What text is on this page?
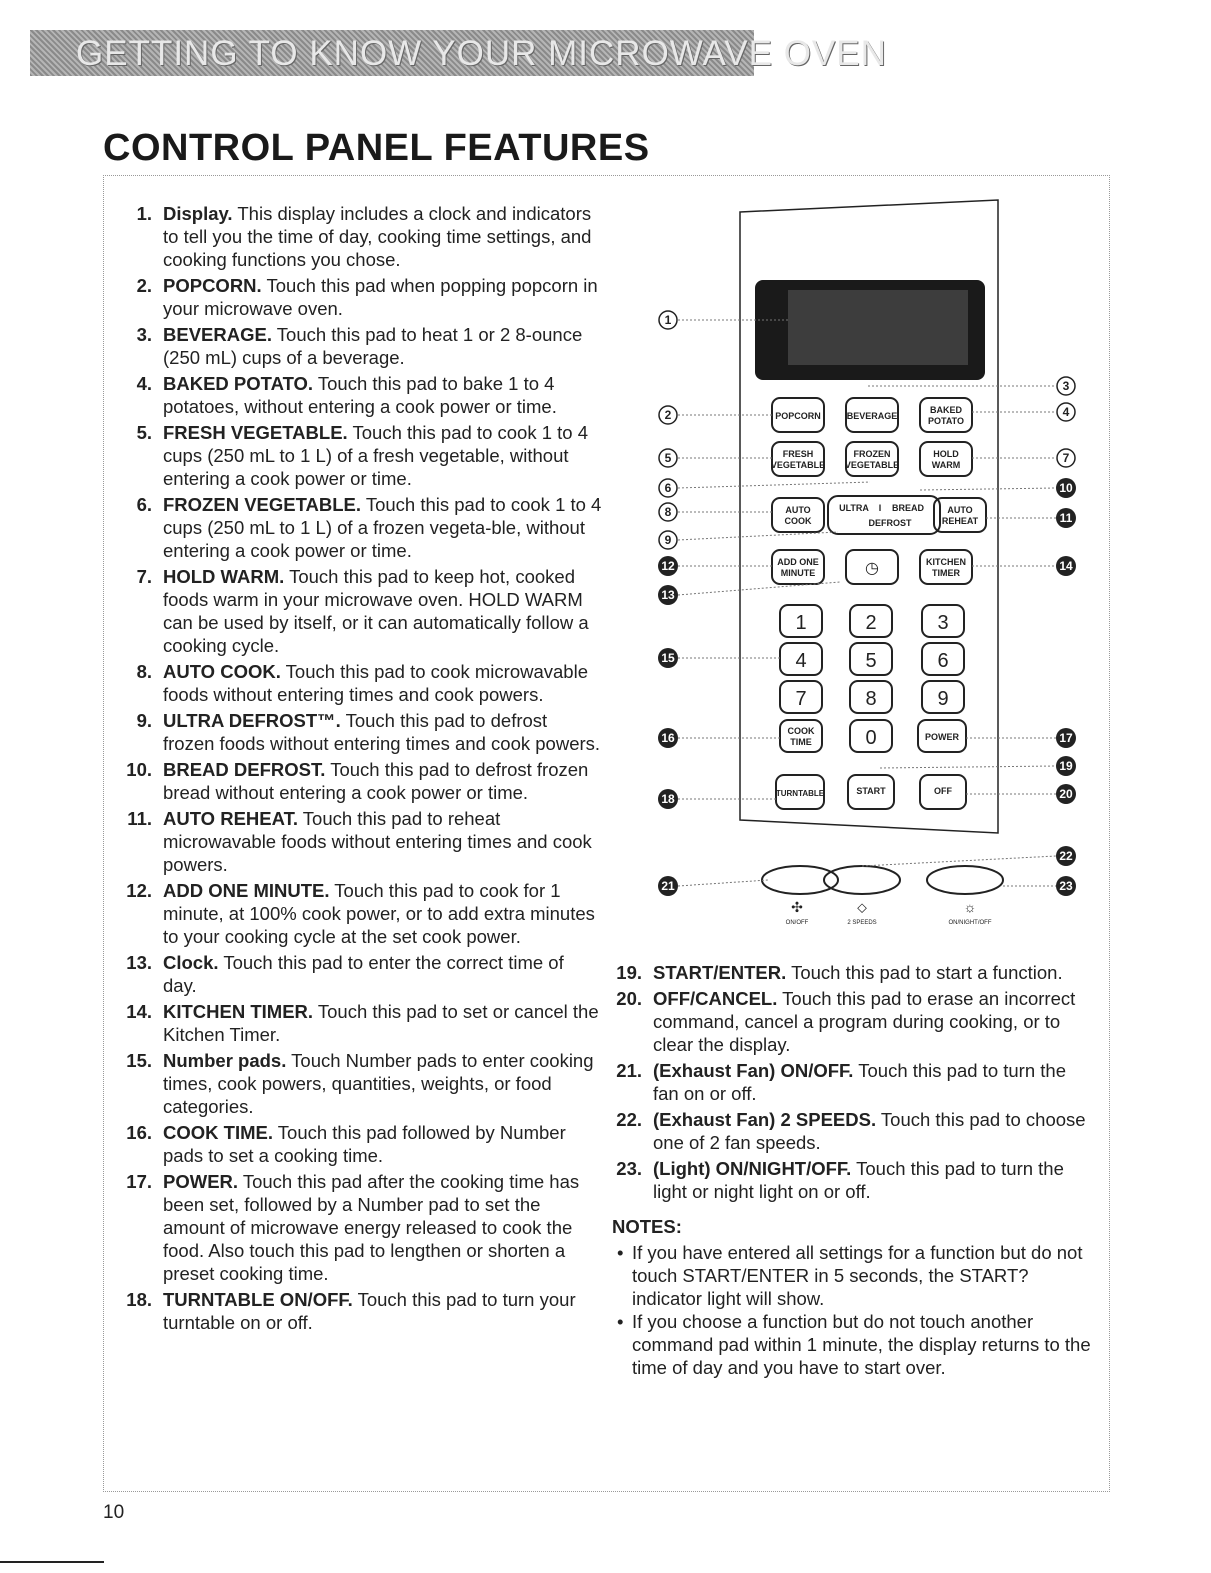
GETTING TO KNOW YOUR MICROWAVE OVEN
CONTROL PANEL FEATURES
1. Display. This display includes a clock and indicators to tell you the time of day, cooking time settings, and cooking functions you chose.
2. POPCORN. Touch this pad when popping popcorn in your microwave oven.
3. BEVERAGE. Touch this pad to heat 1 or 2 8-ounce (250 mL) cups of a beverage.
4. BAKED POTATO. Touch this pad to bake 1 to 4 potatoes, without entering a cook power or time.
5. FRESH VEGETABLE. Touch this pad to cook 1 to 4 cups (250 mL to 1 L) of a fresh vegetable, without entering a cook power or time.
6. FROZEN VEGETABLE. Touch this pad to cook 1 to 4 cups (250 mL to 1 L) of a frozen vegeta-ble, without entering a cook power or time.
7. HOLD WARM. Touch this pad to keep hot, cooked foods warm in your microwave oven. HOLD WARM can be used by itself, or it can automatically follow a cooking cycle.
8. AUTO COOK. Touch this pad to cook microwavable foods without entering times and cook powers.
9. ULTRA DEFROST™. Touch this pad to defrost frozen foods without entering times and cook powers.
10. BREAD DEFROST. Touch this pad to defrost frozen bread without entering a cook power or time.
11. AUTO REHEAT. Touch this pad to reheat microwavable foods without entering times and cook powers.
12. ADD ONE MINUTE. Touch this pad to cook for 1 minute, at 100% cook power, or to add extra minutes to your cooking cycle at the set cook power.
13. Clock. Touch this pad to enter the correct time of day.
14. KITCHEN TIMER. Touch this pad to set or cancel the Kitchen Timer.
15. Number pads. Touch Number pads to enter cooking times, cook powers, quantities, weights, or food categories.
16. COOK TIME. Touch this pad followed by Number pads to set a cooking time.
17. POWER. Touch this pad after the cooking time has been set, followed by a Number pad to set the amount of microwave energy released to cook the food. Also touch this pad to lengthen or shorten a preset cooking time.
18. TURNTABLE ON/OFF. Touch this pad to turn your turntable on or off.
19. START/ENTER. Touch this pad to start a function.
20. OFF/CANCEL. Touch this pad to erase an incorrect command, cancel a program during cooking, or to clear the display.
21. (Exhaust Fan) ON/OFF. Touch this pad to turn the fan on or off.
22. (Exhaust Fan) 2 SPEEDS. Touch this pad to choose one of 2 fan speeds.
23. (Light) ON/NIGHT/OFF. Touch this pad to turn the light or night light on or off.
NOTES:
• If you have entered all settings for a function but do not touch START/ENTER in 5 seconds, the START? indicator light will show.
• If you choose a function but do not touch another command pad within 1 minute, the display returns to the time of day and you have to start over.
POPCORN	BEVERAGE
BAKED
POTATO
FRESH
VEGETABLE
FROZEN
VEGETABLE
HOLD
WARM
AUTO
COOK
ULTRA I BREAD
DEFROST
AUTO
REHEAT
ADD ONE
MINUTE	◷	KITCHEN
TIMER
COOK
TIME	POWER
TURNTABLE	START	OFF
1	2	3
4	5	6
7	8	9
0
1
2
3
4
5
6
7
8
9
10
11
12
13
14
15
16	17
18
19
20
21
22
23
✣	⬦	☼
ON/OFF	2 SPEEDS	ON/NIGHT/OFF
10
